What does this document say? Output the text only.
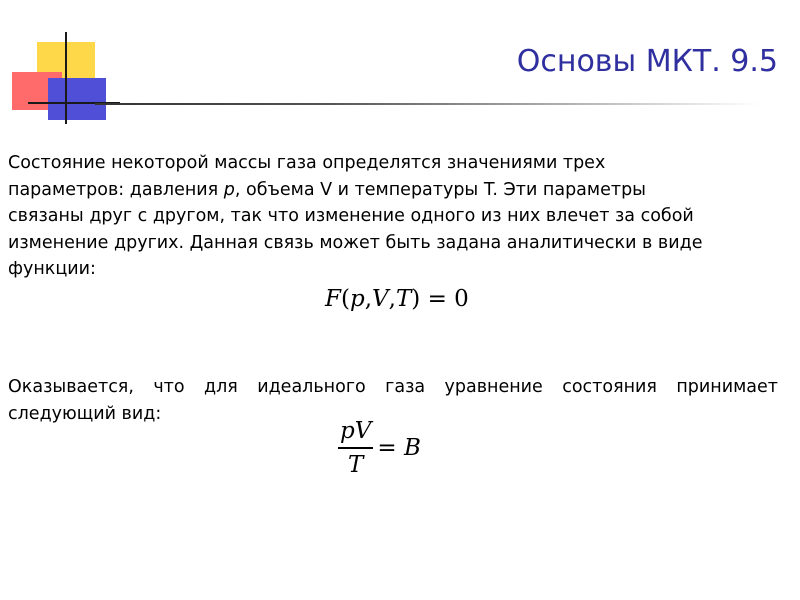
Основы МКТ. 9.5

Состояние некоторой массы газа определятся значениями трех
параметров: давления p, объема V и температуры T. Эти параметры
связаны друг с другом, так что изменение одного из них влечет за собой
изменение других. Данная связь может быть задана аналитически в виде
функции:

F(p,V,T) = 0

Оказывается, что для идеального газа уравнение состояния принимает следующий вид:

$\frac{pV}{T} = B$
